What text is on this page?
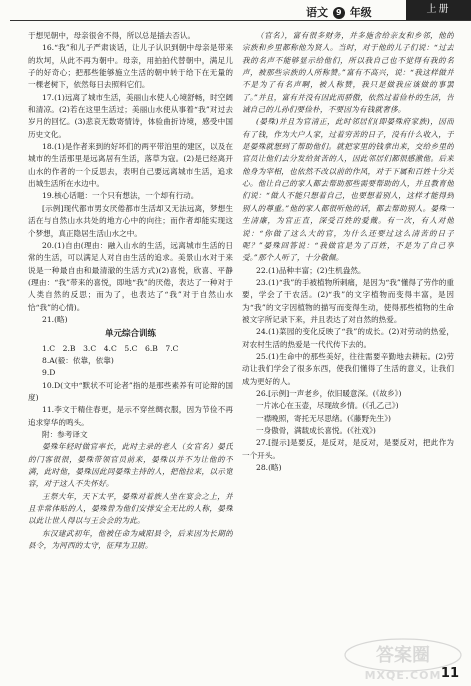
语文 9 年级	上册

于想见朝中，母亲很舍不得，所以总是插去否认。

16.“我”和儿子严肃谈话，让儿子认识到朝中母亲是带来的坎坷，从此不再为朝中。母亲，用拍拍代替朝中，满足儿子的好奇心；把那些能够施立生活的朝中转于给下在无量的一棵老树下，依然每日去照料它们。

17.(1)远离了城市生活，美丽山水使人心境舒畅，时空阔和清凉。(2)若在这里生活过；美丽山水使从事着“我”对过去岁月的回忆。(3)悲哀无数寄情诗，体验曲折诗境，感受中国历史文化。

18.(1)是作者来到的好坏们的两平带泊里的建区，以及在城市的生活那里是远离居有生活，落草为寇。(2)是已经离开山水的作者的一个反思去，表明自己要远离城市生活，追求出城生活所在水边中。

19.核心话题：一个只有想法，一个却有行动。

[示例]现代都市男女厌倦都市生活却又无法远离，梦想生活在与自然山水共处的地方心中的向往；而作者却能实现这个梦想，真正隐居生活山水之中。

20.(1)自由(理由：融入山水的生活，远离城市生活的日常的生活，可以满足人对自由生活的追求。美景山水对于来说是一种最自由和最清澈的生活方式)(2)喜悦，欣喜、平静(理由：“我”带来的喜悦，即地“我”的厌倦，表达了一种对于人类自然的反思；而为了，也表达了“我”对于自然山水恰“我”的心情)。

21.(略)

单元综合训练

1.C　2.B　3.C　4.C　5.C　6.B　7.C

8.A(毅：依靠，依靠)

9.D

10.D(文中“默状不可论者”指的是那些素养有可论辩的国度)

11.李文于精住春更，是示不穿丝绸衣服，因为节俭不再追求穿华的鸣头。

附：参考译文

晏殊年轻时做官率长，此时主录的老人（女官名）晏氏的门客很很，晏殊带领官员前来，晏殊以并不为让他的不满，此时他，晏殊因此同晏殊主持的人，把他拉来，以示宽容，对于这人不失怀好。

王祭大年，天下太平，晏殊对着族人坐在宴会之上，并且非常体贴的人，晏殊曾为他们安排安全无比的人称，晏殊以此让世人得以与王会会的为此。

东汉建武初年，他被任命为咸阳县令，后来因为长期的县令，为河西的太守，征拜为卫尉。

（官名），富有很多财务，并多施舍给亲友和乡邻，他的宗族和乡里都称他为贤人。当时，对于他的儿子们说：“过去我的名声不能够显示给他们，所以我自己也不觉得有我的名声，被那些宗族的人所称赞。”富有不高兴，说：“我这样做并不是为了有名声啊，被人称赞，我只是做我应该做的事罢了。”并且，富有并没有因此而骄傲，依然过着俭朴的生活，告诫自己的儿孙们要俭朴，不要因为有钱就奢侈。

(晏殊)并且为官清正，此时邻居们(即晏殊府家族)，因而有了钱，作为大户人家，过着穷苦的日子，没有什么收入，于是晏殊就想到了帮助他们。就把家里的钱拿出来，交给乡里的官员让他们去分发给贫苦的人，因此邻居们都很感激他。后来他身为宰相，也依然不改以前的作风，对于下属和百姓十分关心。他让自己的家人都去帮助那些需要帮助的人，并且教育他们说：“做人不能只想着自己，也要想着别人，这样才能得到别人的尊重。”他的家人都很听他的话，都去帮助别人。晏殊一生清廉，为官正直，深受百姓的爱戴。有一次，有人对他说：“你做了这么大的官，为什么还要过这么清苦的日子呢？”晏殊回答说：“我做官是为了百姓，不是为了自己享受。”那个人听了，十分敬佩。

22.(1)品种丰富；(2)生机盎然。

23.(1)“我”的手被植物所刺痛，是因为“我”懂得了劳作的重要，学会了干农活。(2)“我”的文字植物而变得丰富，是因为“我”的文字因植物的描写而变得生动，使得那些植物的生命被文字所记录下来，并且表达了对自然的热爱。

24.(1)菜园的变化反映了“我”的成长。(2)对劳动的热爱，对农村生活的热爱是一代代传下去的。

25.(1)生命中的那些美好，往往需要辛勤地去耕耘。(2)劳动让我们学会了很多东西，使我们懂得了生活的意义，让我们成为更好的人。

26.[示例]一声老乡，依旧暖意深。(《故乡》)

一片冰心在玉壶，尽现故乡情。(《孔乙己》)

一襟晚照，寄托无尽思绪。(《藤野先生》)

一身傲骨，满载成长喜悦。(《社戏》)

27.[提示]是要反，是反对，是反对，是要反对，把此作为一个开头。

28.(略)

答案圈
MXQE.COM 11
